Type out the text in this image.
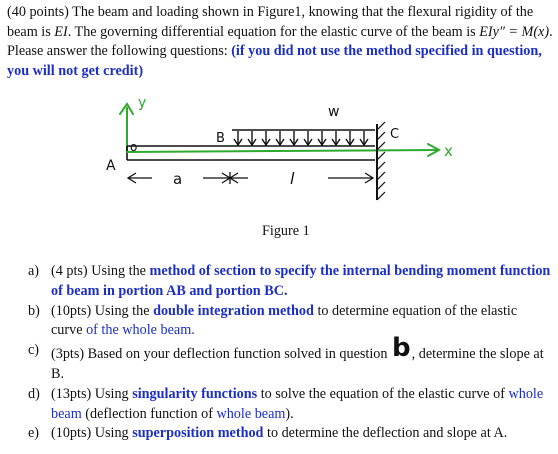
(40 points) The beam and loading shown in Figure1, knowing that the flexural rigidity of the beam is EI. The governing differential equation for the elastic curve of the beam is EIy″ = M(x). Please answer the following questions: (if you did not use the method specified in question, you will not get credit)
y
x
C
w
B
o
A
a	l
Figure 1
a) (4 pts) Using the method of section to specify the internal bending moment function of beam in portion AB and portion BC.
b) (10pts) Using the double integration method to determine equation of the elastic curve of the whole beam.
c) (3pts) Based on your deflection function solved in question b, determine the slope at B.
d) (13pts) Using singularity functions to solve the equation of the elastic curve of whole beam (deflection function of whole beam).
e) (10pts) Using superposition method to determine the deflection and slope at A.
